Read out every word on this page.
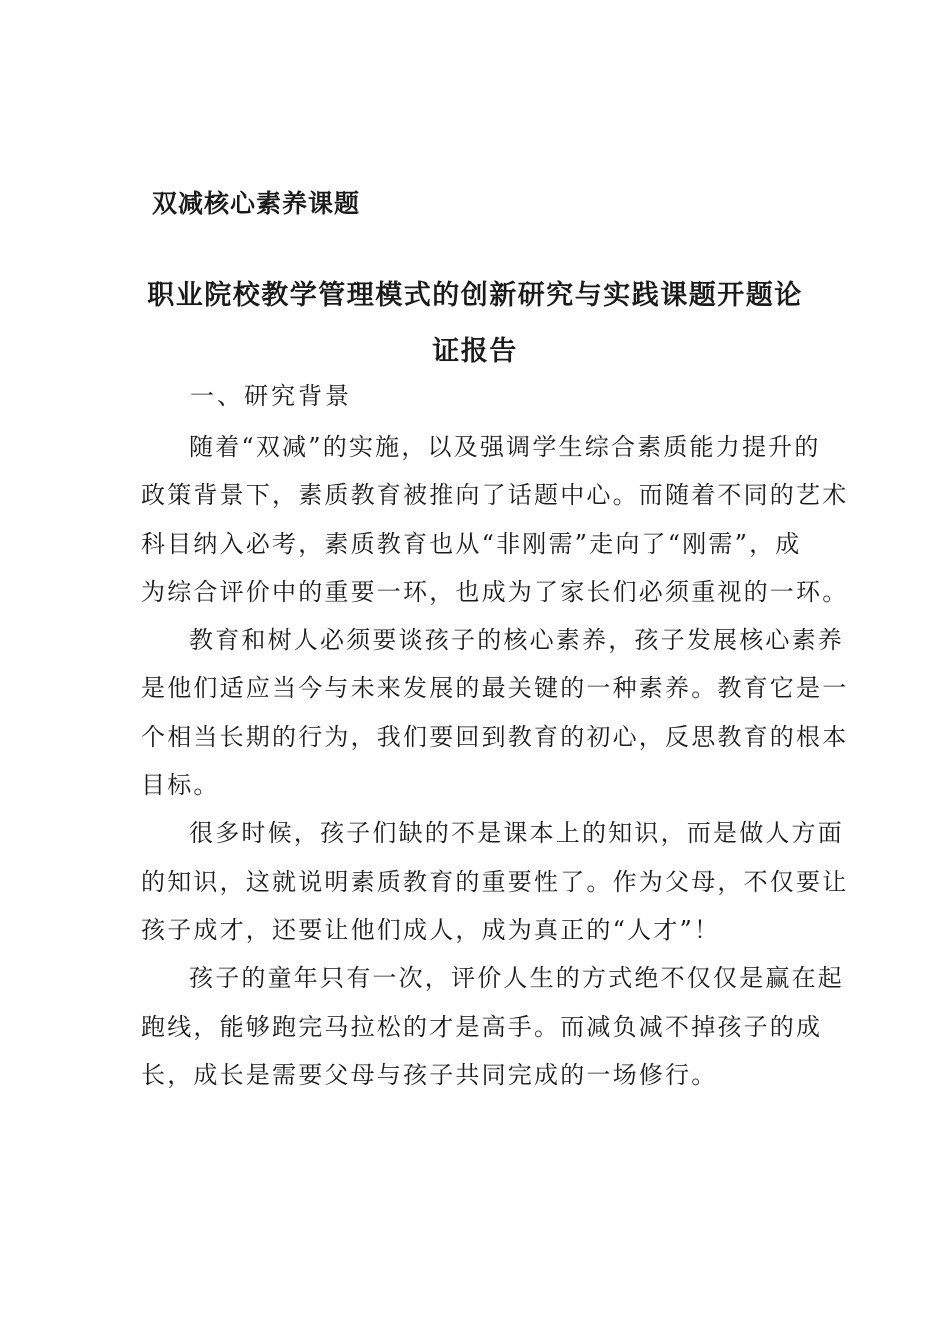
双减核心素养课题
职业院校教学管理模式的创新研究与实践课题开题论
证报告
一、研究背景
随着“双减”的实施，以及强调学生综合素质能力提升的
政策背景下，素质教育被推向了话题中心。而随着不同的艺术
科目纳入必考，素质教育也从“非刚需”走向了“刚需”，成
为综合评价中的重要一环，也成为了家长们必须重视的一环。
教育和树人必须要谈孩子的核心素养，孩子发展核心素养
是他们适应当今与未来发展的最关键的一种素养。教育它是一
个相当长期的行为，我们要回到教育的初心，反思教育的根本
目标。
很多时候，孩子们缺的不是课本上的知识，而是做人方面
的知识，这就说明素质教育的重要性了。作为父母，不仅要让
孩子成才，还要让他们成人，成为真正的“人才”！
孩子的童年只有一次，评价人生的方式绝不仅仅是赢在起
跑线，能够跑完马拉松的才是高手。而减负减不掉孩子的成
长，成长是需要父母与孩子共同完成的一场修行。
